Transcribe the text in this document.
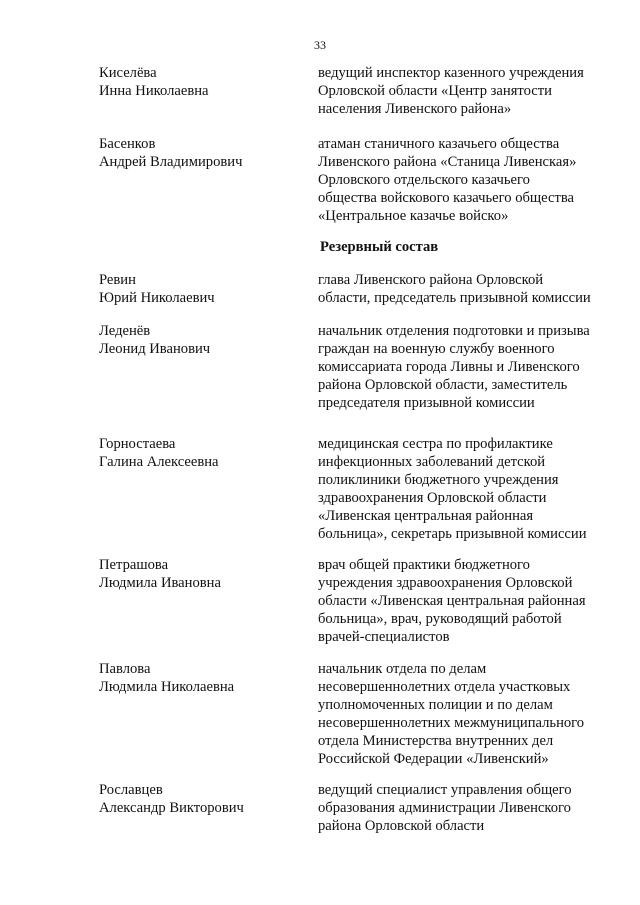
33
Киселёва
Инна Николаевна
ведущий инспектор казенного учреждения
Орловской области «Центр занятости
населения Ливенского района»
Басенков
Андрей Владимирович
атаман станичного казачьего общества
Ливенского района «Станица Ливенская»
Орловского отдельского казачьего
общества войскового казачьего общества
«Центральное казачье войско»
Резервный состав
Ревин
Юрий Николаевич
глава Ливенского района Орловской
области, председатель призывной комиссии
Леденёв
Леонид Иванович
начальник отделения подготовки и призыва
граждан на военную службу военного
комиссариата города Ливны и Ливенского
района Орловской области, заместитель
председателя призывной комиссии
Горностаева
Галина Алексеевна
медицинская сестра по профилактике
инфекционных заболеваний детской
поликлиники бюджетного учреждения
здравоохранения Орловской области
«Ливенская центральная районная
больница», секретарь призывной комиссии
Петрашова
Людмила Ивановна
врач общей практики бюджетного
учреждения здравоохранения Орловской
области «Ливенская центральная районная
больница», врач, руководящий работой
врачей-специалистов
Павлова
Людмила Николаевна
начальник отдела по делам
несовершеннолетних отдела участковых
уполномоченных полиции и по делам
несовершеннолетних межмуниципального
отдела Министерства внутренних дел
Российской Федерации «Ливенский»
Рославцев
Александр Викторович
ведущий специалист управления общего
образования администрации Ливенского
района Орловской области
